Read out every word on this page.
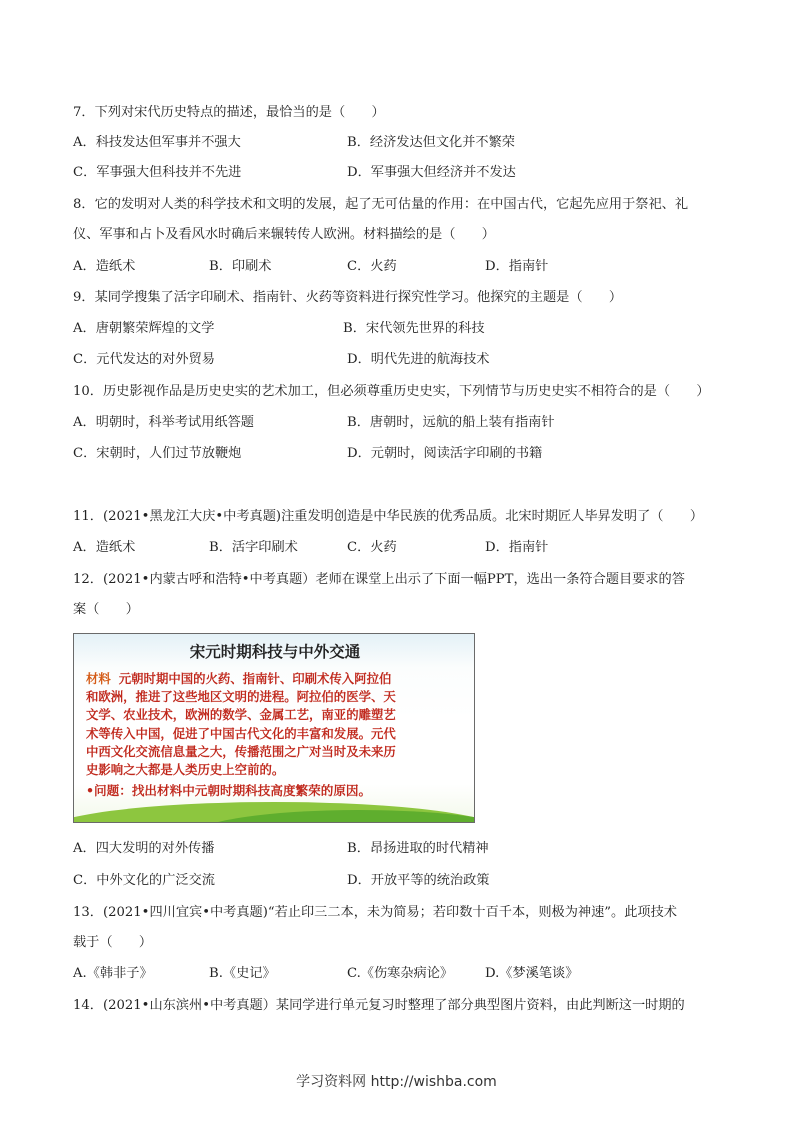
7．下列对宋代历史特点的描述，最恰当的是（　　）
A．科技发达但军事并不强大	B．经济发达但文化并不繁荣
C．军事强大但科技并不先进	D．军事强大但经济并不发达
8．它的发明对人类的科学技术和文明的发展，起了无可估量的作用：在中国古代，它起先应用于祭祀、礼
仪、军事和占卜及看风水时确后来辗转传人欧洲。材料描绘的是（　　）
A．造纸术	B．印刷术	C．火药	D．指南针
9．某同学搜集了活字印刷术、指南针、火药等资料进行探究性学习。他探究的主题是（　　）
A．唐朝繁荣辉煌的文学	B．宋代领先世界的科技
C．元代发达的对外贸易	D．明代先进的航海技术
10．历史影视作品是历史史实的艺术加工，但必须尊重历史史实，下列情节与历史史实不相符合的是（　　）
A．明朝时，科举考试用纸答题	B．唐朝时，远航的船上装有指南针
C．宋朝时，人们过节放鞭炮	D．元朝时，阅读活字印刷的书籍
11．(2021•黑龙江大庆•中考真题)注重发明创造是中华民族的优秀品质。北宋时期匠人毕昇发明了（　　）
A．造纸术	B．活字印刷术	C．火药	D．指南针
12．(2021•内蒙古呼和浩特•中考真题）老师在课堂上出示了下面一幅PPT，选出一条符合题目要求的答
案（　　）
宋元时期科技与中外交通
材料 元朝时期中国的火药、指南针、印刷术传入阿拉伯
和欧洲，推进了这些地区文明的进程。阿拉伯的医学、天
文学、农业技术，欧洲的数学、金属工艺，南亚的雕塑艺
术等传入中国，促进了中国古代文化的丰富和发展。元代
中西文化交流信息量之大，传播范围之广对当时及未来历
史影响之大都是人类历史上空前的。
•问题：找出材料中元朝时期科技高度繁荣的原因。
A．四大发明的对外传播	B．昂扬进取的时代精神
C．中外文化的广泛交流	D．开放平等的统治政策
13．(2021•四川宜宾•中考真题)“若止印三二本，未为简易；若印数十百千本，则极为神速”。此项技术
载于（　　）
A.《韩非子》	B.《史记》	C.《伤寒杂病论》 D.《梦溪笔谈》
14．(2021•山东滨州•中考真题）某同学进行单元复习时整理了部分典型图片资料，由此判断这一时期的
学习资料网 http://wishba.com
